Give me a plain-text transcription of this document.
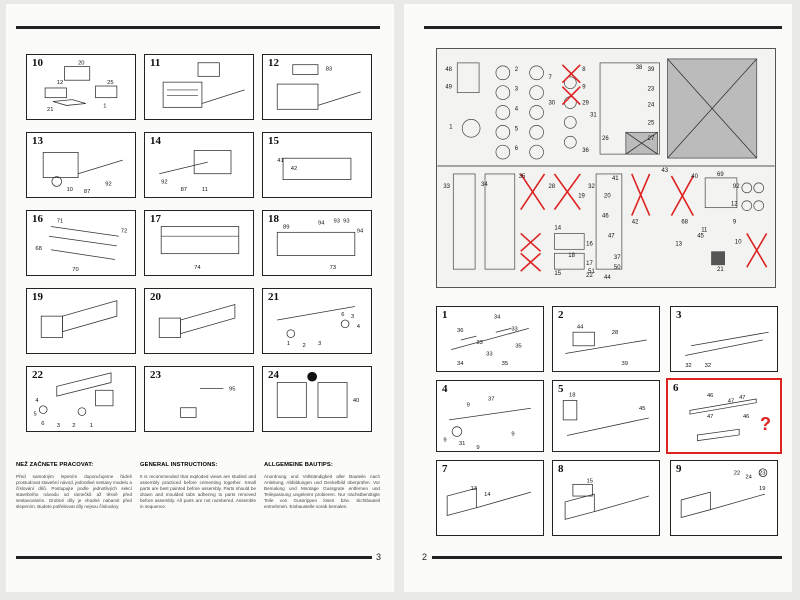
10	20
12	25
21
1
11	12
83
13
10 87
92
14
92
87 11
15
41
42
16 71
72
68
70
17
74
18
89
94 93 93
94
73
19	20	21
6 3
4
1 2 3
22
4
5
6 3 2 1
23
95
24
40
NEŽ ZAČNETE PRACOVAT:

Před samotným lepením doporučujeme řádně prostudovat stavební návod, jednotlivé sestavy modelu a číslování dílů. Postupujte podle jednotlivých sekcí stavebního návodu od rámečků až těsně před sestavováním. Drobné díly je vhodné nabarvit před slepením. Budete potřebovat díly nejsou číslovány.

GENERAL INSTRUCTIONS:

It is recommended that exploded views are studied and assembly practiced before cementing together. Small parts are best painted before assembly. Parts should be drawn and moulded tabs adhering to parts removed before assembly. All parts are not numbered. Assemble in sequence.

ALLGEMEINE BAUTIPS:

Anordnung und Vollständigkeit aller Bauteile nach Anleitung, Abbildungen und Deckelbild überprüfen. Vor Bemalung und Montage Gussgrate entfernen und Teilepassung ungeleimt probieren. Nur nächstbenötigte Teile von Gussrippen lösen bzw. Sichtbauteil entnehmen. Einbaustelle vorab bemalen.

3
48
49
1
2
3
4
5
6
7
8
9
29
30
31
36
39
23
24
25
26	27
38
33	34
35
28
19	20
46
47
32
41
37
42
43
68
40	69
92
12
9
10
11
13
14
15
16
17
18
21
22 44
45
50
51
1
36
34
33
33
35
33
34	35
2
44
28
39
3
32 32
4
9
37
9
31
9
9
5
18
45
6
46
47
47
47	46 ?
7
13
14
8
15
9	22
24
23
19
2
